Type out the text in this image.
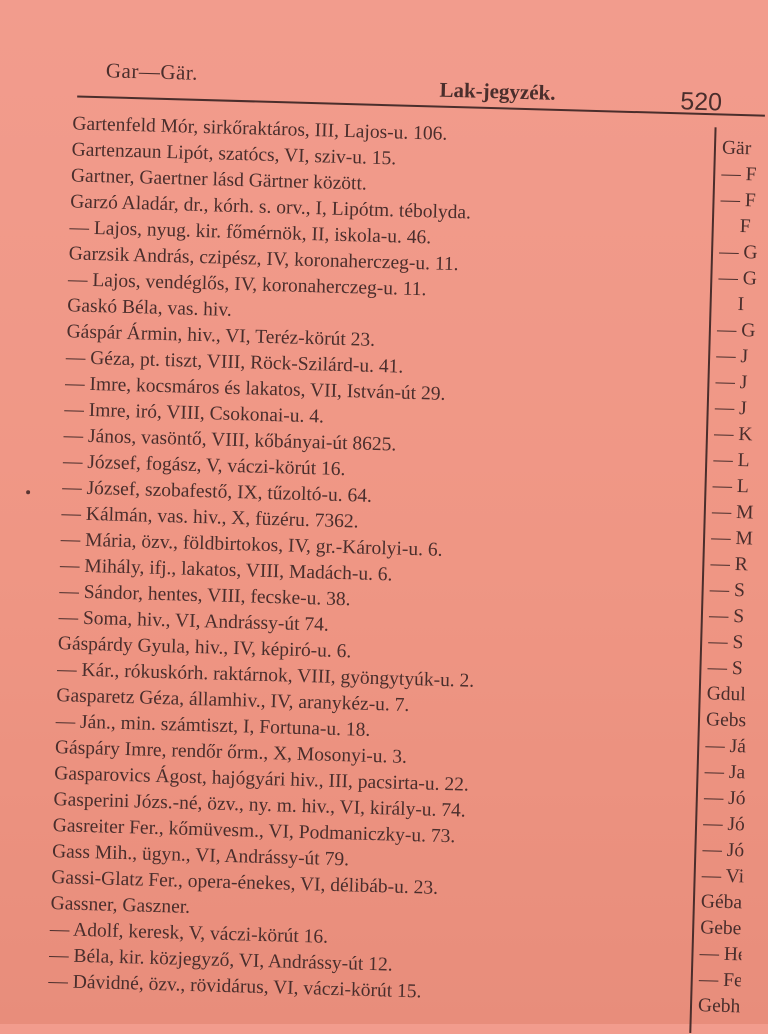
Gar—Gär.
Lak-jegyzék.	520
Gartenfeld Mór, sirkőraktáros, III, Lajos-u. 106.
Gartenzaun Lipót, szatócs, VI, sziv-u. 15.
Gartner, Gaertner lásd Gärtner között.
Garzó Aladár, dr., kórh. s. orv., I, Lipótm. tébolyda.
— Lajos, nyug. kir. főmérnök, II, iskola-u. 46.
Garzsik András, czipész, IV, koronaherczeg-u. 11.
— Lajos, vendéglős, IV, koronaherczeg-u. 11.
Gaskó Béla, vas. hiv.
Gáspár Ármin, hiv., VI, Teréz-körút 23.
— Géza, pt. tiszt, VIII, Röck-Szilárd-u. 41.
— Imre, kocsmáros és lakatos, VII, István-út 29.
— Imre, iró, VIII, Csokonai-u. 4.
— János, vasöntő, VIII, kőbányai-út 8625.
— József, fogász, V, váczi-körút 16.
— József, szobafestő, IX, tűzoltó-u. 64.
— Kálmán, vas. hiv., X, füzéru. 7362.
— Mária, özv., földbirtokos, IV, gr.-Károlyi-u. 6.
— Mihály, ifj., lakatos, VIII, Madách-u. 6.
— Sándor, hentes, VIII, fecske-u. 38.
— Soma, hiv., VI, Andrássy-út 74.
Gáspárdy Gyula, hiv., IV, képiró-u. 6.
— Kár., rókuskórh. raktárnok, VIII, gyöngytyúk-u. 2.
Gasparetz Géza, államhiv., IV, aranykéz-u. 7.
— Ján., min. számtiszt, I, Fortuna-u. 18.
Gáspáry Imre, rendőr őrm., X, Mosonyi-u. 3.
Gasparovics Ágost, hajógyári hiv., III, pacsirta-u. 22.
Gasperini Józs.-né, özv., ny. m. hiv., VI, király-u. 74.
Gasreiter Fer., kőmüvesm., VI, Podmaniczky-u. 73.
Gass Mih., ügyn., VI, Andrássy-út 79.
Gassi-Glatz Fer., opera-énekes, VI, délibáb-u. 23.
Gassner, Gaszner.
— Adolf, keresk, V, váczi-körút 16.
— Béla, kir. közjegyző, VI, Andrássy-út 12.
— Dávidné, özv., rövidárus, VI, váczi-körút 15.
Gär
— F
— F
F
— G
— G
I
— G
— J
— J
— J
— K
— L
— L
— M
— M
— R
— S
— S
— S
— S
Gdul
Gebs
— Já
— Ja
— Jó
— Jó
— Jó
— Vi
Géba
Gebe
— He
— Fe
Gebh
